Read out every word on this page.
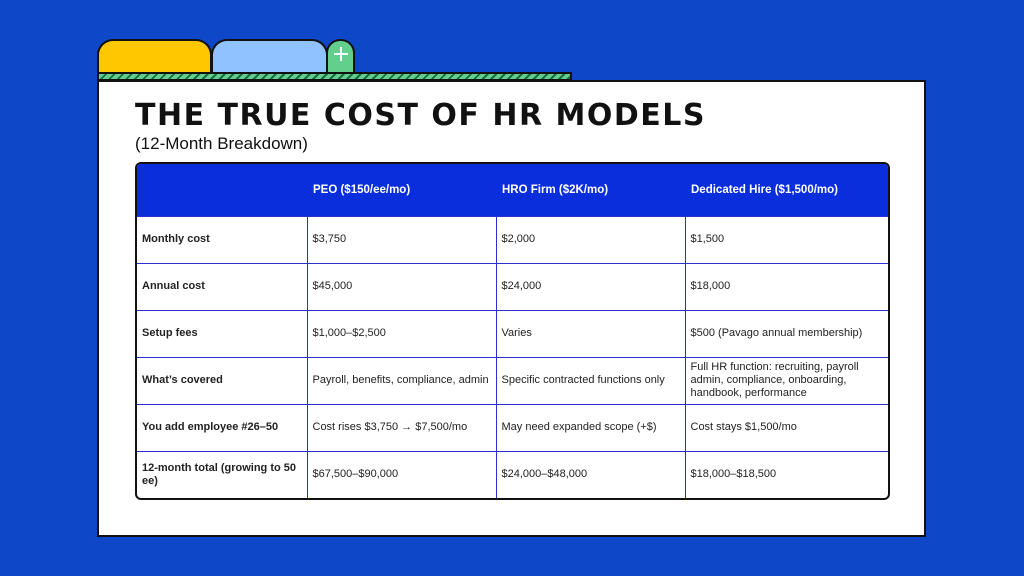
THE TRUE COST OF HR MODELS

(12-Month Breakdown)

	PEO ($150/ee/mo)	HRO Firm ($2K/mo)	Dedicated Hire ($1,500/mo)
Monthly cost	$3,750	$2,000	$1,500
Annual cost	$45,000	$24,000	$18,000
Setup fees	$1,000–$2,500	Varies	$500 (Pavago annual membership)
What’s covered	Payroll, benefits, compliance, admin	Specific contracted functions only	Full HR function: recruiting, payroll admin, compliance, onboarding, handbook, performance
You add employee #26–50	Cost rises $3,750 → $7,500/mo	May need expanded scope (+$)	Cost stays $1,500/mo
12-month total (growing to 50 ee)	$67,500–$90,000	$24,000–$48,000	$18,000–$18,500
